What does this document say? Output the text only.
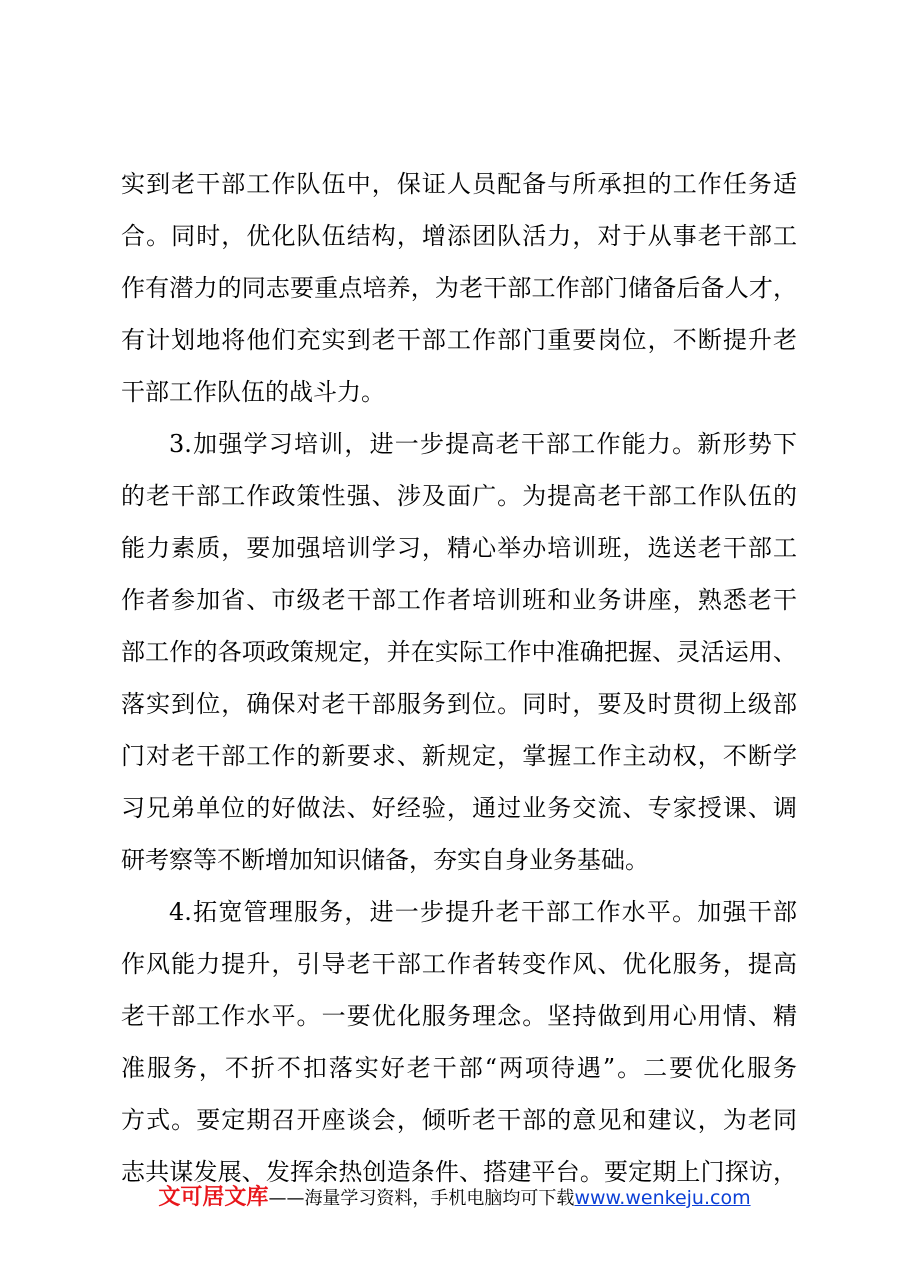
实到老干部工作队伍中，保证人员配备与所承担的工作任务适
合。同时，优化队伍结构，增添团队活力，对于从事老干部工
作有潜力的同志要重点培养，为老干部工作部门储备后备人才，
有计划地将他们充实到老干部工作部门重要岗位，不断提升老
干部工作队伍的战斗力。
3.加强学习培训，进一步提高老干部工作能力。新形势下
的老干部工作政策性强、涉及面广。为提高老干部工作队伍的
能力素质，要加强培训学习，精心举办培训班，选送老干部工
作者参加省、市级老干部工作者培训班和业务讲座，熟悉老干
部工作的各项政策规定，并在实际工作中准确把握、灵活运用、
落实到位，确保对老干部服务到位。同时，要及时贯彻上级部
门对老干部工作的新要求、新规定，掌握工作主动权，不断学
习兄弟单位的好做法、好经验，通过业务交流、专家授课、调
研考察等不断增加知识储备，夯实自身业务基础。
4.拓宽管理服务，进一步提升老干部工作水平。加强干部
作风能力提升，引导老干部工作者转变作风、优化服务，提高
老干部工作水平。一要优化服务理念。坚持做到用心用情、精
准服务，不折不扣落实好老干部“两项待遇”。二要优化服务
方式。要定期召开座谈会，倾听老干部的意见和建议，为老同
志共谋发展、发挥余热创造条件、搭建平台。要定期上门探访，
文可居文库——海量学习资料，手机电脑均可下载www.wenkeju.com
